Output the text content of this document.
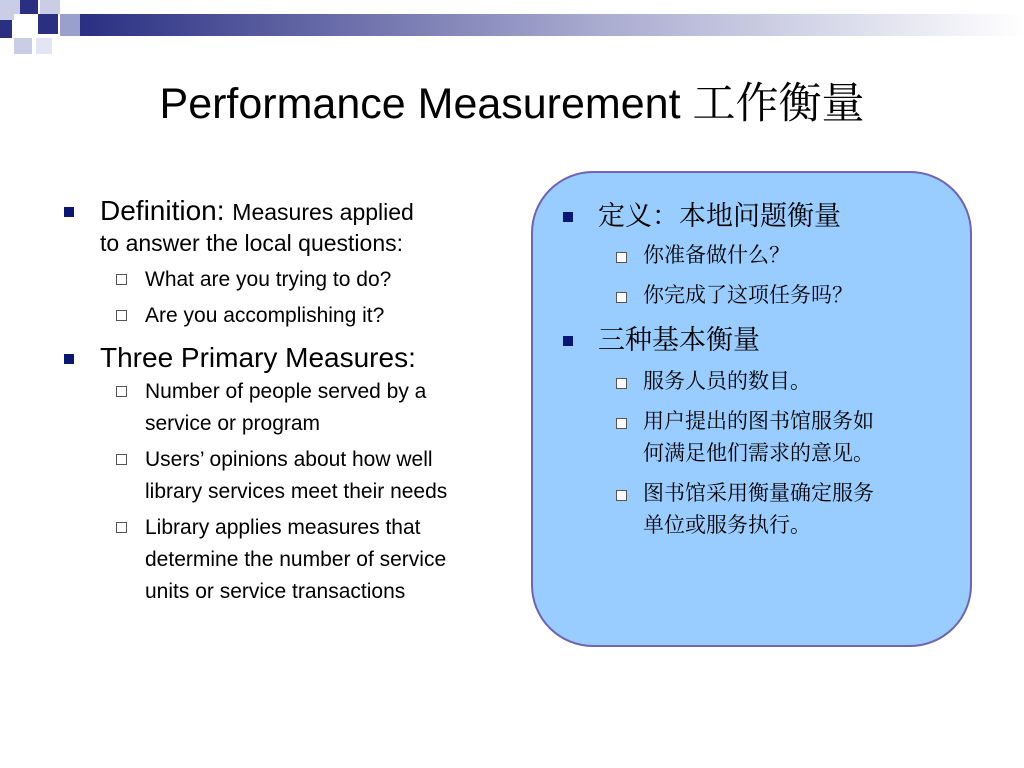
Performance Measurement 工作衡量
Definition: Measures applied
to answer the local questions:
What are you trying to do?
Are you accomplishing it?
Three Primary Measures:
Number of people served by a
service or program
Users’ opinions about how well
library services meet their needs
Library applies measures that
determine the number of service
units or service transactions
定义：本地问题衡量
你准备做什么？
你完成了这项任务吗？
三种基本衡量
服务人员的数目。
用户提出的图书馆服务如
何满足他们需求的意见。
图书馆采用衡量确定服务
单位或服务执行。
